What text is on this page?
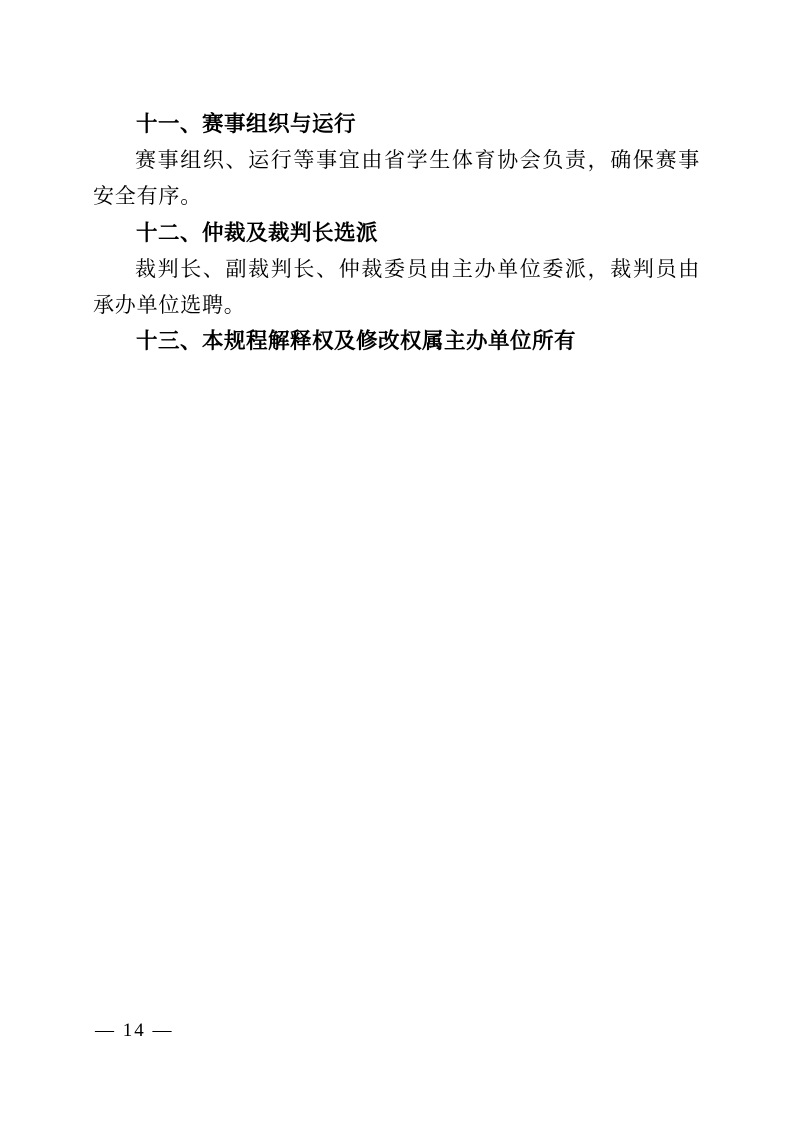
十一、赛事组织与运行

赛事组织、运行等事宜由省学生体育协会负责，确保赛事安全有序。

十二、仲裁及裁判长选派

裁判长、副裁判长、仲裁委员由主办单位委派，裁判员由承办单位选聘。

十三、本规程解释权及修改权属主办单位所有

— 14 —
